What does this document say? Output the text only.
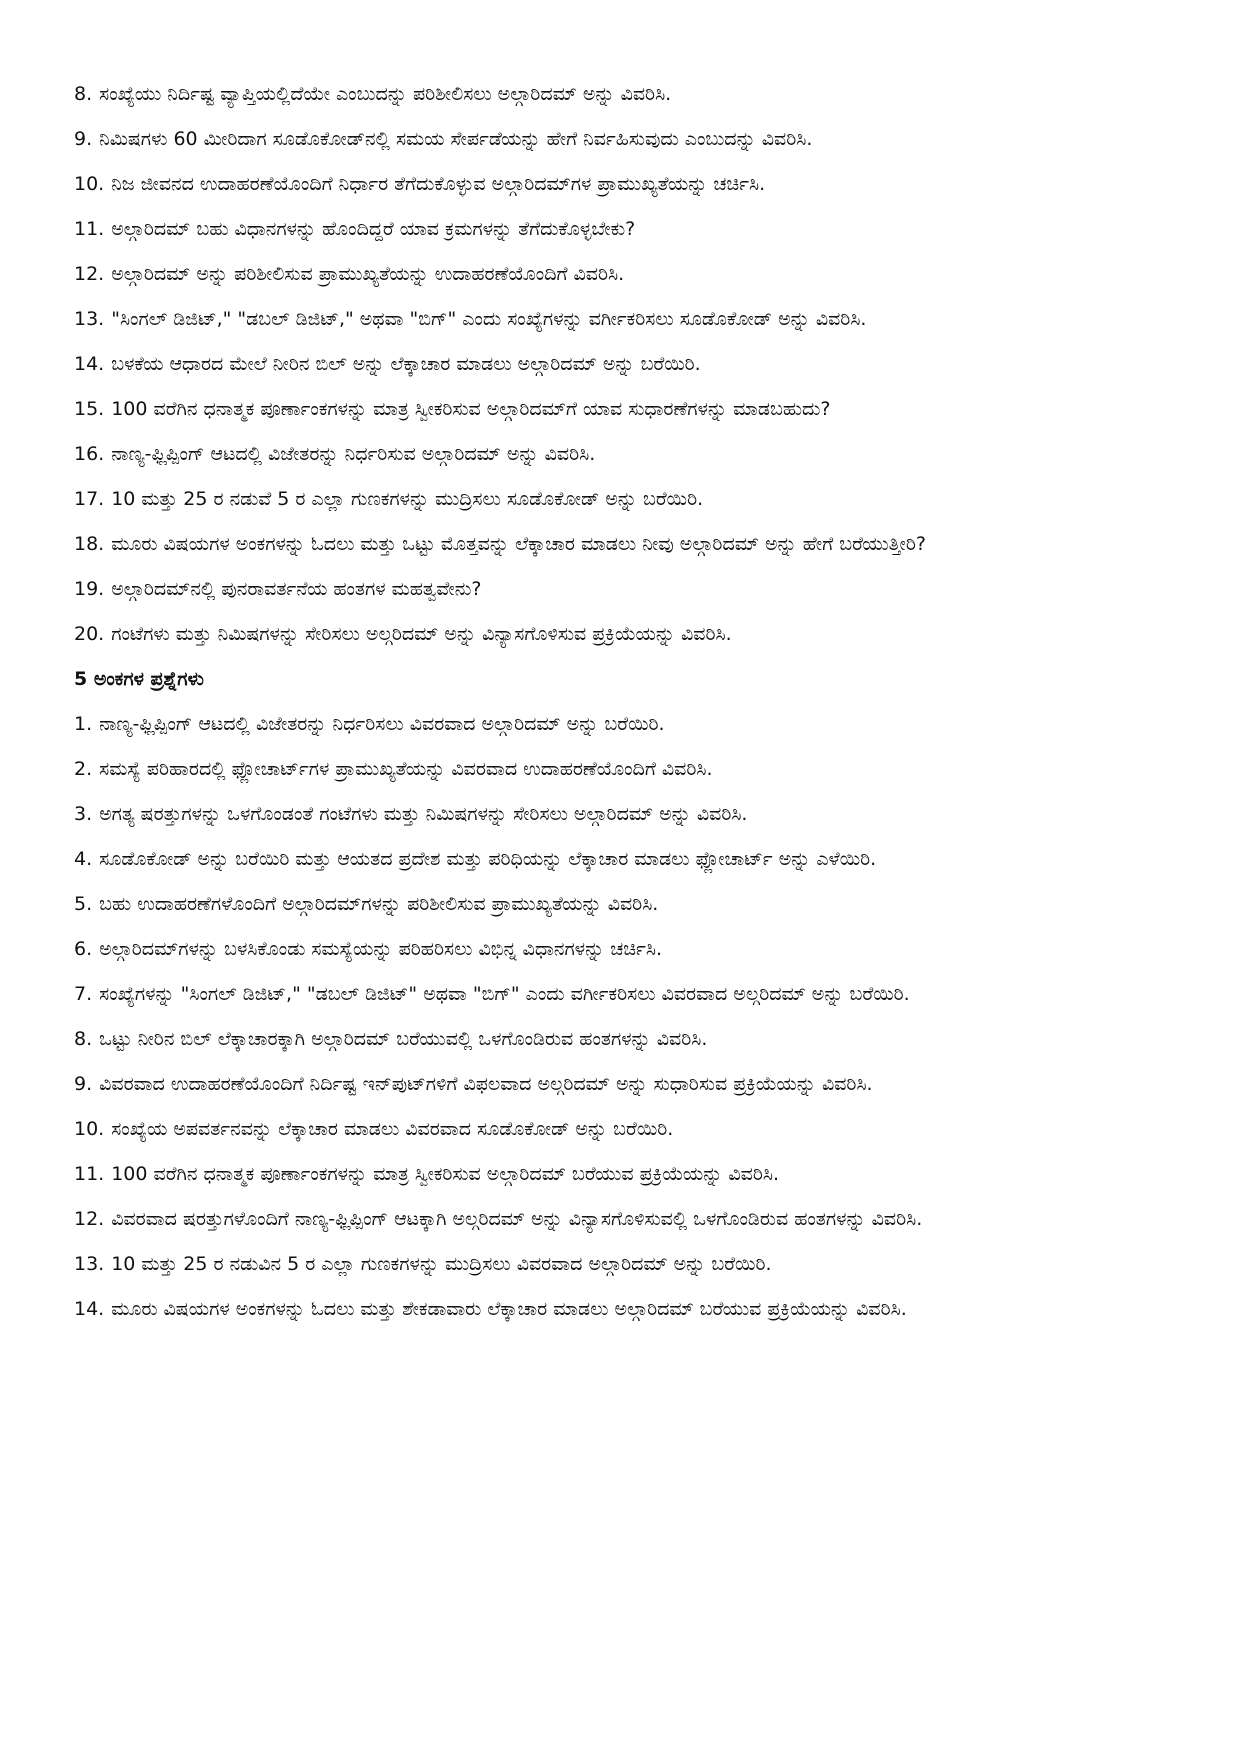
8. ಸಂಖ್ಯೆಯು ನಿರ್ದಿಷ್ಟ ವ್ಯಾಪ್ತಿಯಲ್ಲಿದೆಯೇ ಎಂಬುದನ್ನು ಪರಿಶೀಲಿಸಲು ಅಲ್ಗಾರಿದಮ್ ಅನ್ನು ವಿವರಿಸಿ.
9. ನಿಮಿಷಗಳು 60 ಮೀರಿದಾಗ ಸೂಡೊಕೋಡ್‌ನಲ್ಲಿ ಸಮಯ ಸೇರ್ಪಡೆಯನ್ನು ಹೇಗೆ ನಿರ್ವಹಿಸುವುದು ಎಂಬುದನ್ನು ವಿವರಿಸಿ.
10. ನಿಜ ಜೀವನದ ಉದಾಹರಣೆಯೊಂದಿಗೆ ನಿರ್ಧಾರ ತೆಗೆದುಕೊಳ್ಳುವ ಅಲ್ಗಾರಿದಮ್‌ಗಳ ಪ್ರಾಮುಖ್ಯತೆಯನ್ನು ಚರ್ಚಿಸಿ.
11. ಅಲ್ಗಾರಿದಮ್ ಬಹು ವಿಧಾನಗಳನ್ನು ಹೊಂದಿದ್ದರೆ ಯಾವ ಕ್ರಮಗಳನ್ನು ತೆಗೆದುಕೊಳ್ಳಬೇಕು?
12. ಅಲ್ಗಾರಿದಮ್ ಅನ್ನು ಪರಿಶೀಲಿಸುವ ಪ್ರಾಮುಖ್ಯತೆಯನ್ನು ಉದಾಹರಣೆಯೊಂದಿಗೆ ವಿವರಿಸಿ.
13. "ಸಿಂಗಲ್ ಡಿಜಿಟ್," "ಡಬಲ್ ಡಿಜಿಟ್," ಅಥವಾ "ಬಿಗ್" ಎಂದು ಸಂಖ್ಯೆಗಳನ್ನು ವರ್ಗೀಕರಿಸಲು ಸೂಡೊಕೋಡ್ ಅನ್ನು ವಿವರಿಸಿ.
14. ಬಳಕೆಯ ಆಧಾರದ ಮೇಲೆ ನೀರಿನ ಬಿಲ್ ಅನ್ನು ಲೆಕ್ಕಾಚಾರ ಮಾಡಲು ಅಲ್ಗಾರಿದಮ್ ಅನ್ನು ಬರೆಯಿರಿ.
15. 100 ವರೆಗಿನ ಧನಾತ್ಮಕ ಪೂರ್ಣಾಂಕಗಳನ್ನು ಮಾತ್ರ ಸ್ವೀಕರಿಸುವ ಅಲ್ಗಾರಿದಮ್‌ಗೆ ಯಾವ ಸುಧಾರಣೆಗಳನ್ನು ಮಾಡಬಹುದು?
16. ನಾಣ್ಯ-ಫ್ಲಿಪ್ಪಿಂಗ್ ಆಟದಲ್ಲಿ ವಿಜೇತರನ್ನು ನಿರ್ಧರಿಸುವ ಅಲ್ಗಾರಿದಮ್ ಅನ್ನು ವಿವರಿಸಿ.
17. 10 ಮತ್ತು 25 ರ ನಡುವೆ 5 ರ ಎಲ್ಲಾ ಗುಣಕಗಳನ್ನು ಮುದ್ರಿಸಲು ಸೂಡೊಕೋಡ್ ಅನ್ನು ಬರೆಯಿರಿ.
18. ಮೂರು ವಿಷಯಗಳ ಅಂಕಗಳನ್ನು ಓದಲು ಮತ್ತು ಒಟ್ಟು ಮೊತ್ತವನ್ನು ಲೆಕ್ಕಾಚಾರ ಮಾಡಲು ನೀವು ಅಲ್ಗಾರಿದಮ್ ಅನ್ನು ಹೇಗೆ ಬರೆಯುತ್ತೀರಿ?
19. ಅಲ್ಗಾರಿದಮ್‌ನಲ್ಲಿ ಪುನರಾವರ್ತನೆಯ ಹಂತಗಳ ಮಹತ್ವವೇನು?
20. ಗಂಟೆಗಳು ಮತ್ತು ನಿಮಿಷಗಳನ್ನು ಸೇರಿಸಲು ಅಲ್ಗರಿದಮ್ ಅನ್ನು ವಿನ್ಯಾಸಗೊಳಿಸುವ ಪ್ರಕ್ರಿಯೆಯನ್ನು ವಿವರಿಸಿ.
5 ಅಂಕಗಳ ಪ್ರಶ್ನೆಗಳು
1. ನಾಣ್ಯ-ಫ್ಲಿಪ್ಪಿಂಗ್ ಆಟದಲ್ಲಿ ವಿಜೇತರನ್ನು ನಿರ್ಧರಿಸಲು ವಿವರವಾದ ಅಲ್ಗಾರಿದಮ್ ಅನ್ನು ಬರೆಯಿರಿ.
2. ಸಮಸ್ಯೆ ಪರಿಹಾರದಲ್ಲಿ ಫ್ಲೋಚಾರ್ಟ್‌ಗಳ ಪ್ರಾಮುಖ್ಯತೆಯನ್ನು ವಿವರವಾದ ಉದಾಹರಣೆಯೊಂದಿಗೆ ವಿವರಿಸಿ.
3. ಅಗತ್ಯ ಷರತ್ತುಗಳನ್ನು ಒಳಗೊಂಡಂತೆ ಗಂಟೆಗಳು ಮತ್ತು ನಿಮಿಷಗಳನ್ನು ಸೇರಿಸಲು ಅಲ್ಗಾರಿದಮ್ ಅನ್ನು ವಿವರಿಸಿ.
4. ಸೂಡೊಕೋಡ್ ಅನ್ನು ಬರೆಯಿರಿ ಮತ್ತು ಆಯತದ ಪ್ರದೇಶ ಮತ್ತು ಪರಿಧಿಯನ್ನು ಲೆಕ್ಕಾಚಾರ ಮಾಡಲು ಫ್ಲೋಚಾರ್ಟ್ ಅನ್ನು ಎಳೆಯಿರಿ.
5. ಬಹು ಉದಾಹರಣೆಗಳೊಂದಿಗೆ ಅಲ್ಗಾರಿದಮ್‌ಗಳನ್ನು ಪರಿಶೀಲಿಸುವ ಪ್ರಾಮುಖ್ಯತೆಯನ್ನು ವಿವರಿಸಿ.
6. ಅಲ್ಗಾರಿದಮ್‌ಗಳನ್ನು ಬಳಸಿಕೊಂಡು ಸಮಸ್ಯೆಯನ್ನು ಪರಿಹರಿಸಲು ವಿಭಿನ್ನ ವಿಧಾನಗಳನ್ನು ಚರ್ಚಿಸಿ.
7. ಸಂಖ್ಯೆಗಳನ್ನು "ಸಿಂಗಲ್ ಡಿಜಿಟ್," "ಡಬಲ್ ಡಿಜಿಟ್" ಅಥವಾ "ಬಿಗ್" ಎಂದು ವರ್ಗೀಕರಿಸಲು ವಿವರವಾದ ಅಲ್ಗರಿದಮ್ ಅನ್ನು ಬರೆಯಿರಿ.
8. ಒಟ್ಟು ನೀರಿನ ಬಿಲ್ ಲೆಕ್ಕಾಚಾರಕ್ಕಾಗಿ ಅಲ್ಗಾರಿದಮ್ ಬರೆಯುವಲ್ಲಿ ಒಳಗೊಂಡಿರುವ ಹಂತಗಳನ್ನು ವಿವರಿಸಿ.
9. ವಿವರವಾದ ಉದಾಹರಣೆಯೊಂದಿಗೆ ನಿರ್ದಿಷ್ಟ ಇನ್‌ಪುಟ್‌ಗಳಿಗೆ ವಿಫಲವಾದ ಅಲ್ಗರಿದಮ್ ಅನ್ನು ಸುಧಾರಿಸುವ ಪ್ರಕ್ರಿಯೆಯನ್ನು ವಿವರಿಸಿ.
10. ಸಂಖ್ಯೆಯ ಅಪವರ್ತನವನ್ನು ಲೆಕ್ಕಾಚಾರ ಮಾಡಲು ವಿವರವಾದ ಸೂಡೊಕೋಡ್ ಅನ್ನು ಬರೆಯಿರಿ.
11. 100 ವರೆಗಿನ ಧನಾತ್ಮಕ ಪೂರ್ಣಾಂಕಗಳನ್ನು ಮಾತ್ರ ಸ್ವೀಕರಿಸುವ ಅಲ್ಗಾರಿದಮ್ ಬರೆಯುವ ಪ್ರಕ್ರಿಯೆಯನ್ನು ವಿವರಿಸಿ.
12. ವಿವರವಾದ ಷರತ್ತುಗಳೊಂದಿಗೆ ನಾಣ್ಯ-ಫ್ಲಿಪ್ಪಿಂಗ್ ಆಟಕ್ಕಾಗಿ ಅಲ್ಗರಿದಮ್ ಅನ್ನು ವಿನ್ಯಾಸಗೊಳಿಸುವಲ್ಲಿ ಒಳಗೊಂಡಿರುವ ಹಂತಗಳನ್ನು ವಿವರಿಸಿ.
13. 10 ಮತ್ತು 25 ರ ನಡುವಿನ 5 ರ ಎಲ್ಲಾ ಗುಣಕಗಳನ್ನು ಮುದ್ರಿಸಲು ವಿವರವಾದ ಅಲ್ಗಾರಿದಮ್ ಅನ್ನು ಬರೆಯಿರಿ.
14. ಮೂರು ವಿಷಯಗಳ ಅಂಕಗಳನ್ನು ಓದಲು ಮತ್ತು ಶೇಕಡಾವಾರು ಲೆಕ್ಕಾಚಾರ ಮಾಡಲು ಅಲ್ಗಾರಿದಮ್ ಬರೆಯುವ ಪ್ರಕ್ರಿಯೆಯನ್ನು ವಿವರಿಸಿ.
